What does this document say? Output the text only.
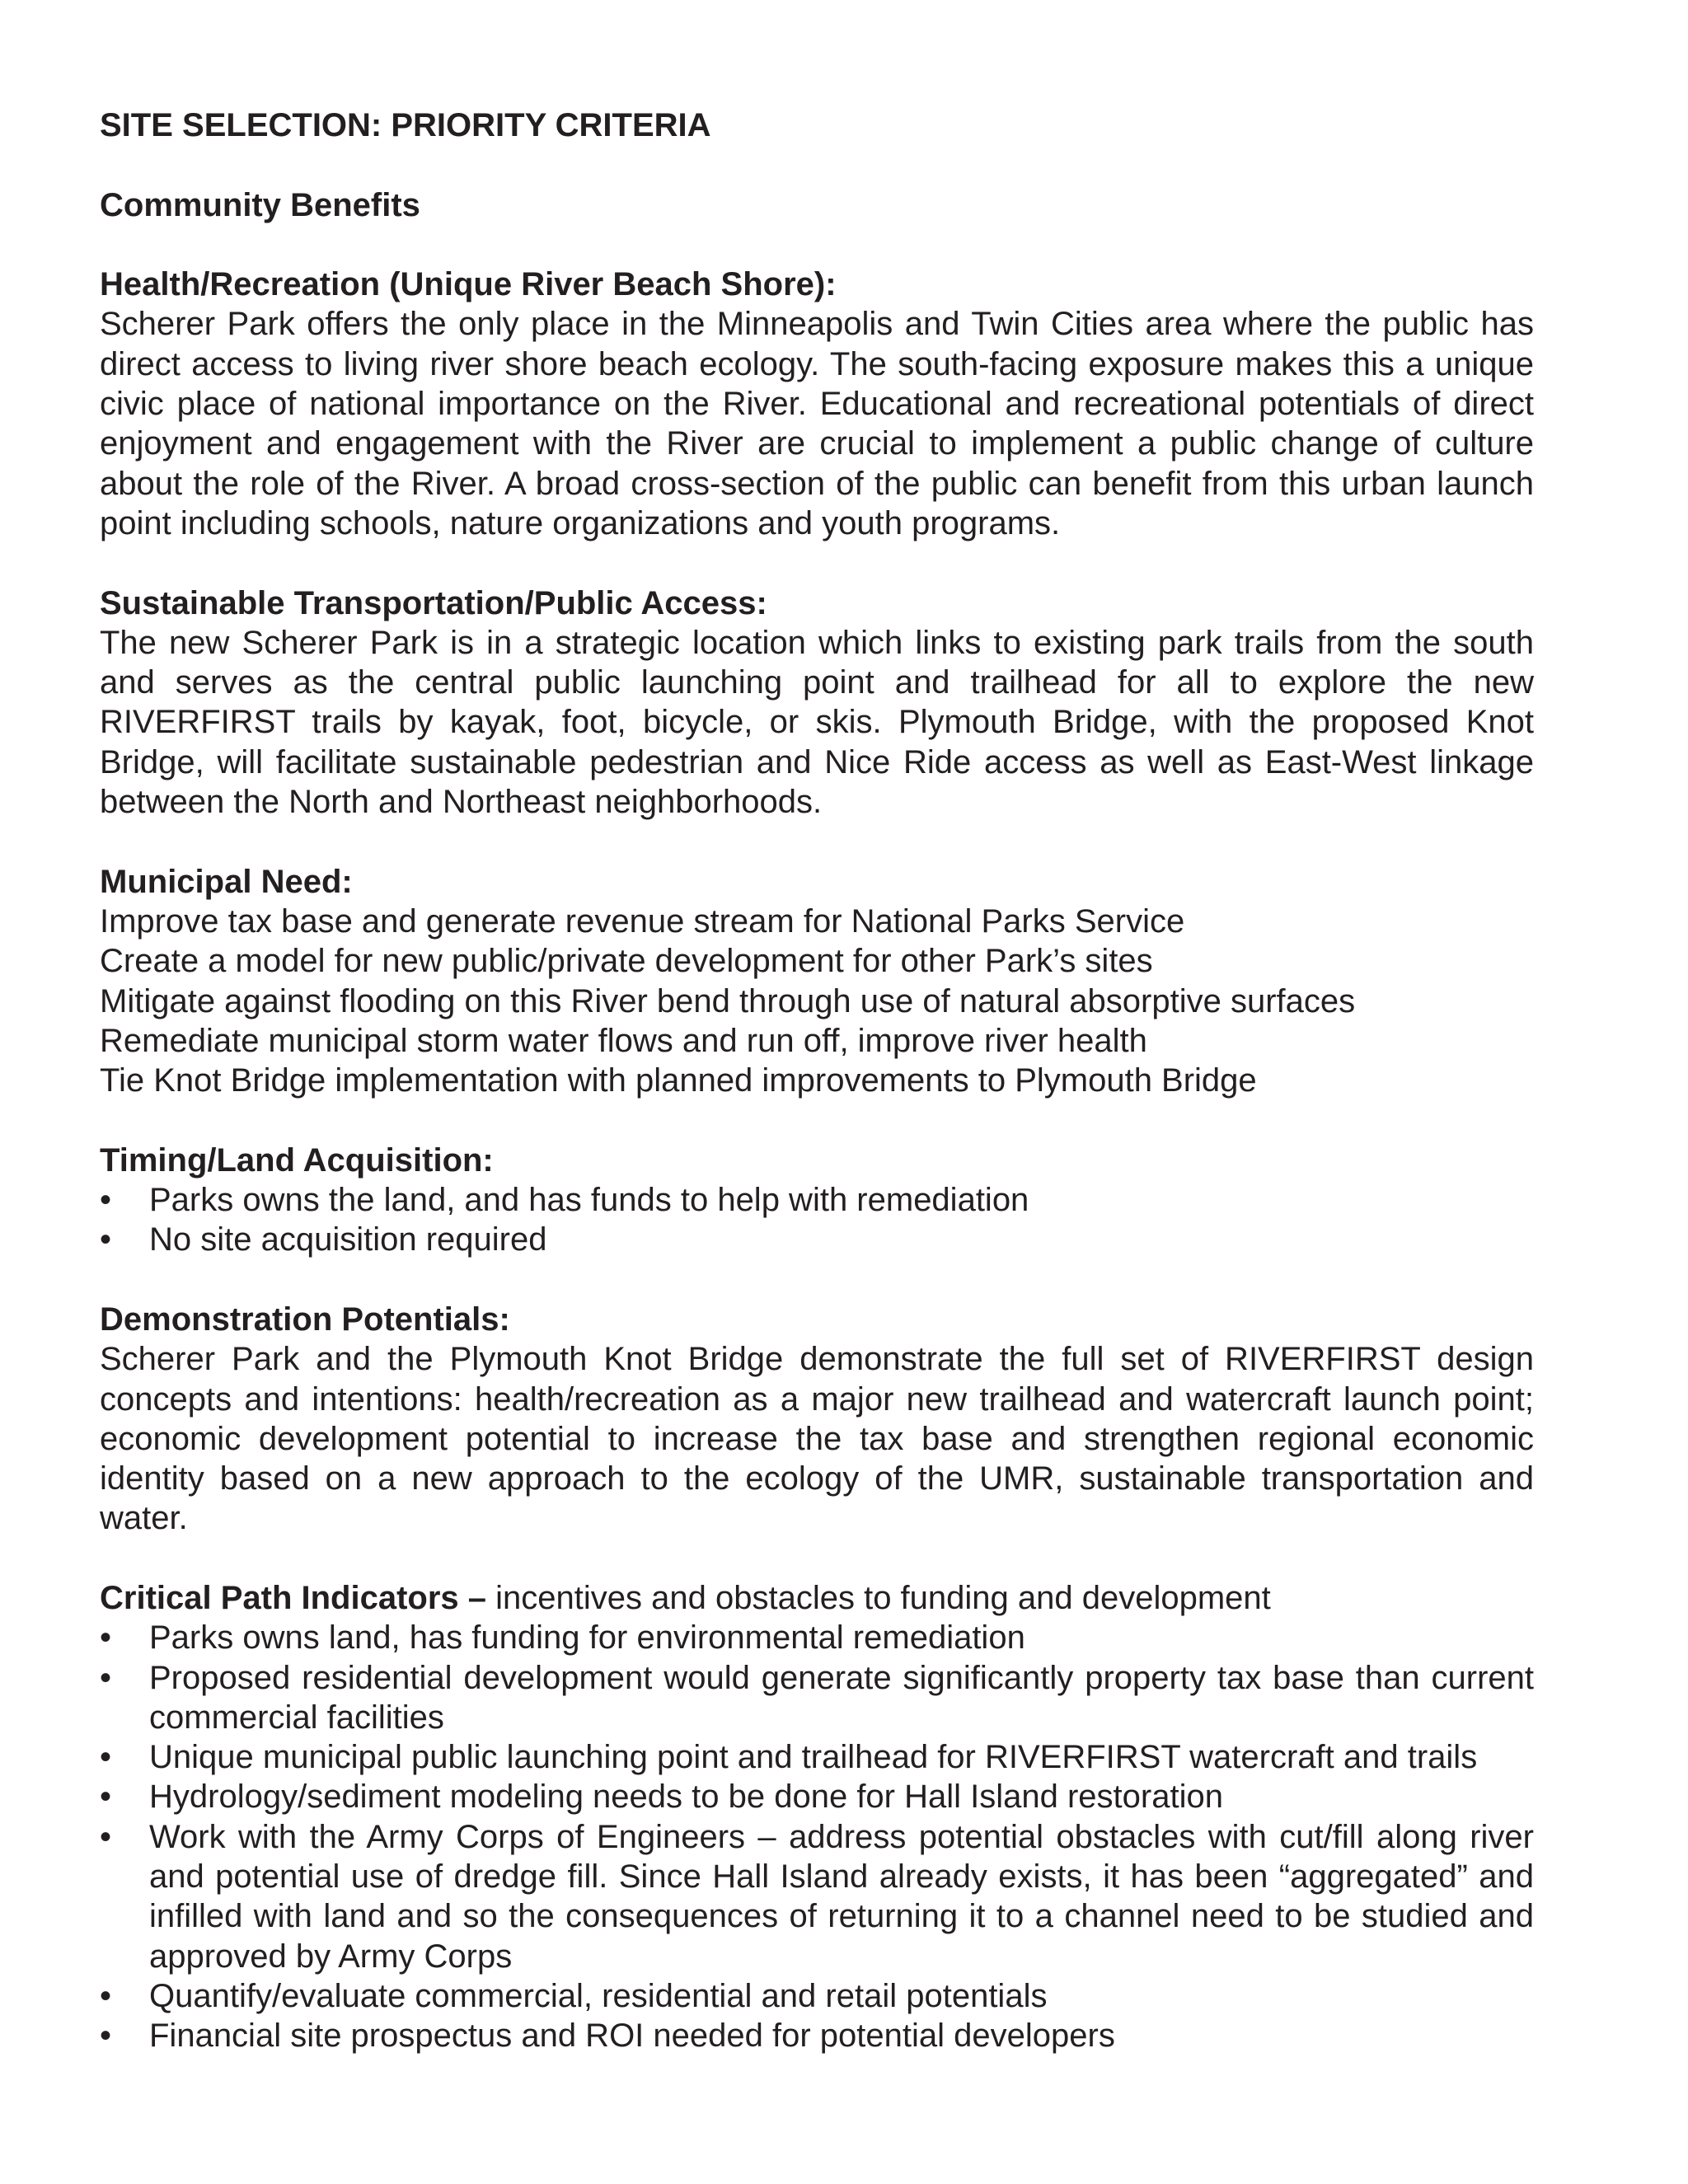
SITE SELECTION: PRIORITY CRITERIA
Community Benefits
Health/Recreation (Unique River Beach Shore):

Scherer Park offers the only place in the Minneapolis and Twin Cities area where the public has direct access to living river shore beach ecology. The south-facing exposure makes this a unique civic place of national importance on the River. Educational and recreational potentials of direct enjoyment and engagement with the River are crucial to implement a public change of culture about the role of the River. A broad cross-section of the public can benefit from this urban launch point including schools, nature organizations and youth programs.

Sustainable Transportation/Public Access:

The new Scherer Park is in a strategic location which links to existing park trails from the south and serves as the central public launching point and trailhead for all to explore the new RIVERFIRST trails by kayak, foot, bicycle, or skis. Plymouth Bridge, with the proposed Knot Bridge, will facilitate sustainable pedestrian and Nice Ride access as well as East-West linkage between the North and Northeast neighborhoods.

Municipal Need:

Improve tax base and generate revenue stream for National Parks Service

Create a model for new public/private development for other Park’s sites

Mitigate against flooding on this River bend through use of natural absorptive surfaces

Remediate municipal storm water flows and run off, improve river health

Tie Knot Bridge implementation with planned improvements to Plymouth Bridge

Timing/Land Acquisition:
• Parks owns the land, and has funds to help with remediation
• No site acquisition required
Demonstration Potentials:

Scherer Park and the Plymouth Knot Bridge demonstrate the full set of RIVERFIRST design concepts and intentions: health/recreation as a major new trailhead and watercraft launch point; economic development potential to increase the tax base and strengthen regional economic identity based on a new approach to the ecology of the UMR, sustainable transportation and water.

Critical Path Indicators – incentives and obstacles to funding and development
• Parks owns land, has funding for environmental remediation
• Proposed residential development would generate significantly property tax base than current commercial facilities
• Unique municipal public launching point and trailhead for RIVERFIRST watercraft and trails
• Hydrology/sediment modeling needs to be done for Hall Island restoration
• Work with the Army Corps of Engineers – address potential obstacles with cut/fill along river and potential use of dredge fill. Since Hall Island already exists, it has been “aggregated” and infilled with land and so the consequences of returning it to a channel need to be studied and approved by Army Corps
• Quantify/evaluate commercial, residential and retail potentials
• Financial site prospectus and ROI needed for potential developers
